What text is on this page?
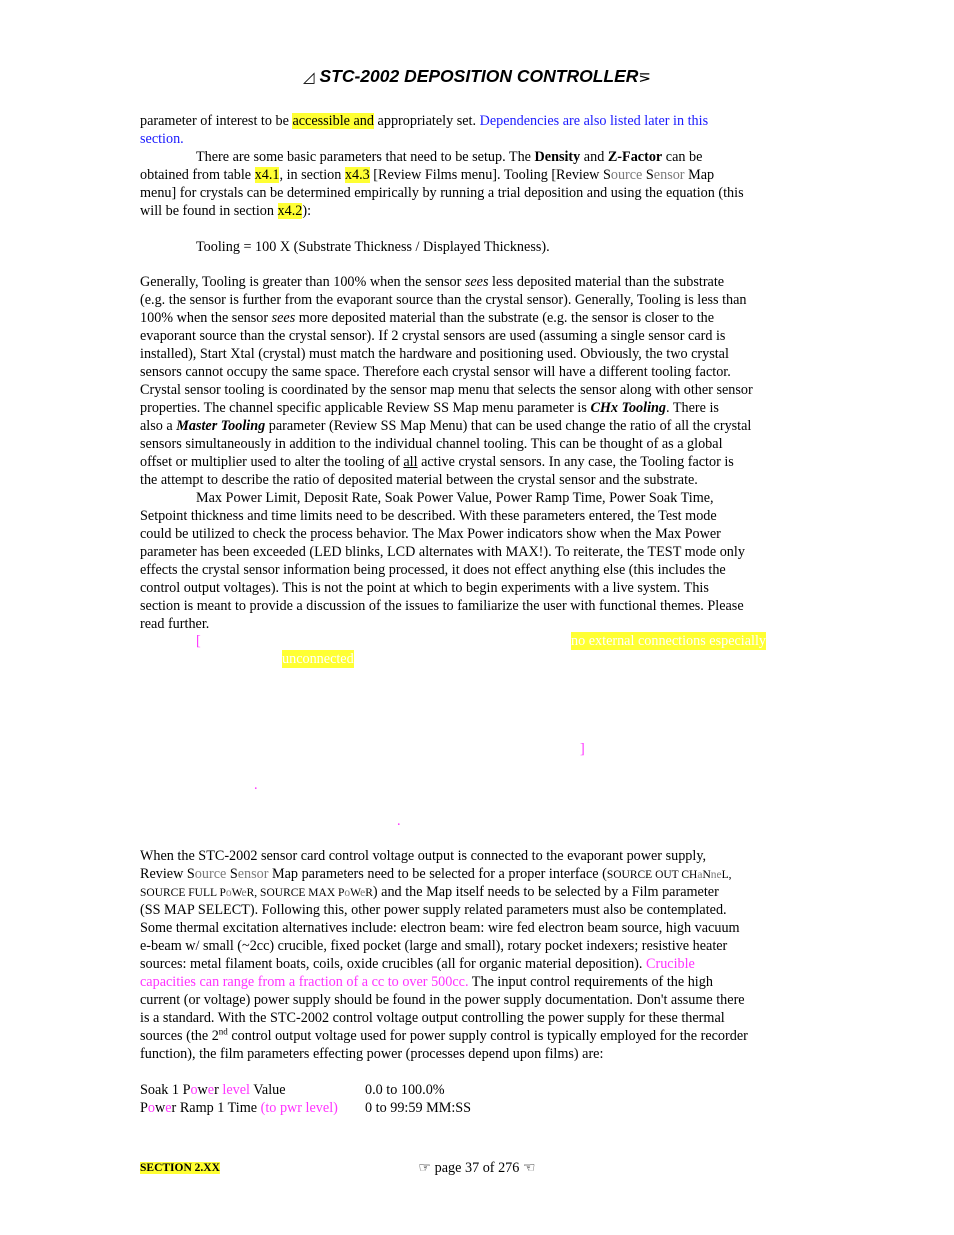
◿ STC-2002 DEPOSITION CONTROLLER⋝
parameter of interest to be accessible and appropriately set. Dependencies are also listed later in this
section.
There are some basic parameters that need to be setup. The Density and Z-Factor can be
obtained from table x4.1, in section x4.3 [Review Films menu]. Tooling [Review Source Sensor Map
menu] for crystals can be determined empirically by running a trial deposition and using the equation (this
will be found in section x4.2):
Tooling = 100 X (Substrate Thickness / Displayed Thickness).
Generally, Tooling is greater than 100% when the sensor sees less deposited material than the substrate
(e.g. the sensor is further from the evaporant source than the crystal sensor). Generally, Tooling is less than
100% when the sensor sees more deposited material than the substrate (e.g. the sensor is closer to the
evaporant source than the crystal sensor). If 2 crystal sensors are used (assuming a single sensor card is
installed), Start Xtal (crystal) must match the hardware and positioning used. Obviously, the two crystal
sensors cannot occupy the same space. Therefore each crystal sensor will have a different tooling factor.
Crystal sensor tooling is coordinated by the sensor map menu that selects the sensor along with other sensor
properties. The channel specific applicable Review SS Map menu parameter is CHx Tooling. There is
also a Master Tooling parameter (Review SS Map Menu) that can be used change the ratio of all the crystal
sensors simultaneously in addition to the individual channel tooling. This can be thought of as a global
offset or multiplier used to alter the tooling of all active crystal sensors. In any case, the Tooling factor is
the attempt to describe the ratio of deposited material between the crystal sensor and the substrate.
Max Power Limit, Deposit Rate, Soak Power Value, Power Ramp Time, Power Soak Time,
Setpoint thickness and time limits need to be described. With these parameters entered, the Test mode
could be utilized to check the process behavior. The Max Power indicators show when the Max Power
parameter has been exceeded (LED blinks, LCD alternates with MAX!). To reiterate, the TEST mode only
effects the crystal sensor information being processed, it does not effect anything else (this includes the
control output voltages). This is not the point at which to begin experiments with a live system. This
section is meant to provide a discussion of the issues to familiarize the user with functional themes. Please
read further.
[	no external connections especially
unconnected
]
.
.
When the STC-2002 sensor card control voltage output is connected to the evaporant power supply,
Review Source Sensor Map parameters need to be selected for a proper interface (SOURCE OUT CHaNneL,
SOURCE FULL PoWeR, SOURCE MAX PoWeR) and the Map itself needs to be selected by a Film parameter
(SS MAP SELECT). Following this, other power supply related parameters must also be contemplated.
Some thermal excitation alternatives include: electron beam: wire fed electron beam source, high vacuum
e-beam w/ small (~2cc) crucible, fixed pocket (large and small), rotary pocket indexers; resistive heater
sources: metal filament boats, coils, oxide crucibles (all for organic material deposition). Crucible
capacities can range from a fraction of a cc to over 500cc. The input control requirements of the high
current (or voltage) power supply should be found in the power supply documentation. Don't assume there
is a standard. With the STC-2002 control voltage output controlling the power supply for these thermal
sources (the 2nd control output voltage used for power supply control is typically employed for the recorder
function), the film parameters effecting power (processes depend upon films) are:
Soak 1 Power level Value	0.0 to 100.0%
Power Ramp 1 Time (to pwr level) 0 to 99:59 MM:SS
SECTION 2.XX	☞ page 37 of 276 ☜
